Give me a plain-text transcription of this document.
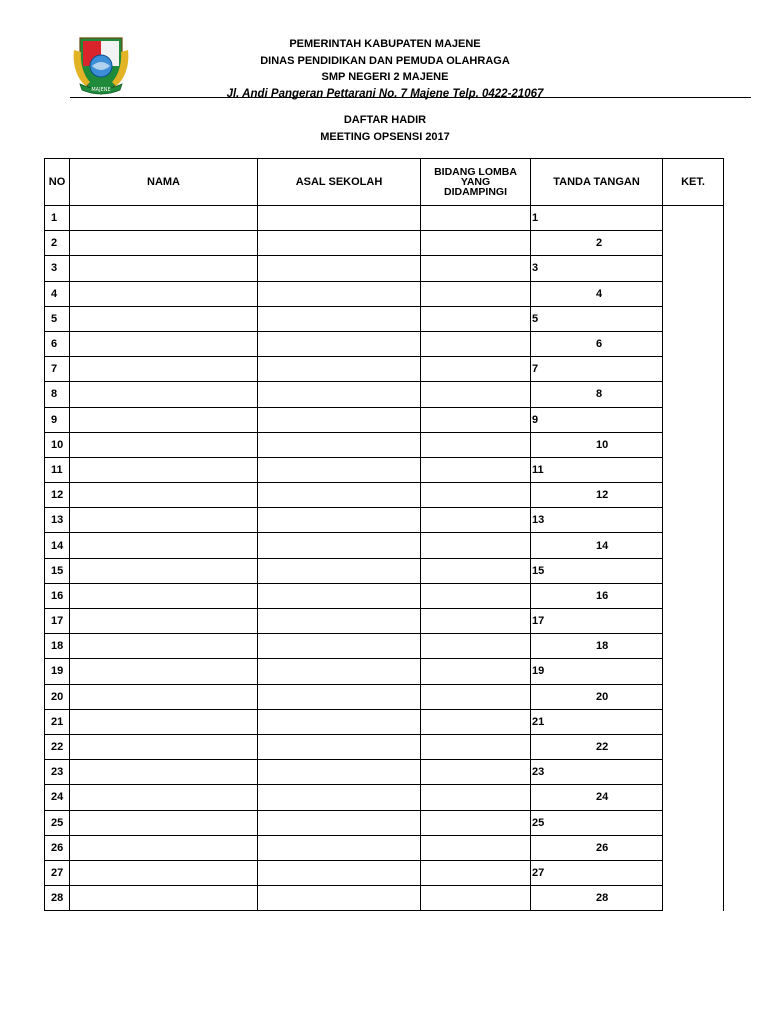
MAJENE
PEMERINTAH KABUPATEN MAJENE
DINAS PENDIDIKAN DAN PEMUDA OLAHRAGA
SMP NEGERI 2 MAJENE
Jl. Andi Pangeran Pettarani No. 7 Majene Telp. 0422-21067
DAFTAR HADIR
MEETING OPSENSI 2017
NO	NAMA	ASAL SEKOLAH	BIDANG LOMBA
YANG
DIDAMPINGI	TANDA TANGAN	KET.
1				1	
2				2	
3				3	
4				4	
5				5	
6				6	
7				7	
8				8	
9				9	
10				10	
11				11	
12				12	
13				13	
14				14	
15				15	
16				16	
17				17	
18				18	
19				19	
20				20	
21				21	
22				22	
23				23	
24				24	
25				25	
26				26	
27				27	
28				28	
